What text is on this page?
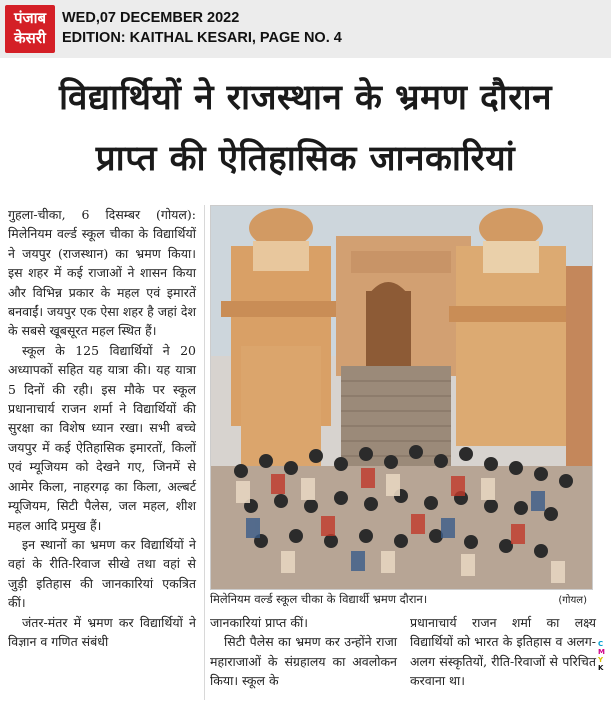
पंजाब
केसरी
WED,07 DECEMBER 2022
EDITION: KAITHAL KESARI, PAGE NO. 4
विद्यार्थियों ने राजस्थान के भ्रमण दौरान
प्राप्त की ऐतिहासिक जानकारियां

गुहला-चीका, 6 दिसम्बर (गोयल): मिलेनियम वर्ल्ड स्कूल चीका के विद्यार्थियों ने जयपुर (राजस्थान) का भ्रमण किया। इस शहर में कई राजाओं ने शासन किया और विभिन्न प्रकार के महल एवं इमारतें बनवाईं। जयपुर एक ऐसा शहर है जहां देश के सबसे खूबसूरत महल स्थित हैं।

स्कूल के 125 विद्यार्थियों ने 20 अध्यापकों सहित यह यात्रा की। यह यात्रा 5 दिनों की रही। इस मौके पर स्कूल प्रधानाचार्य राजन शर्मा ने विद्यार्थियों की सुरक्षा का विशेष ध्यान रखा। सभी बच्चे जयपुर में कई ऐतिहासिक इमारतों, किलों एवं म्यूजियम को देखने गए, जिनमें से आमेर किला, नाहरगढ़ का किला, अल्बर्ट म्यूजियम, सिटी पैलेस, जल महल, शीश महल आदि प्रमुख हैं।

इन स्थानों का भ्रमण कर विद्यार्थियों ने वहां के रीति-रिवाज सीखे तथा वहां से जुड़ी इतिहास की जानकारियां एकत्रित कीं।

जंतर-मंतर में भ्रमण कर विद्यार्थियों ने विज्ञान व गणित संबंधी

मिलेनियम वर्ल्ड स्कूल चीका के विद्यार्थी भ्रमण दौरान।	(गोयल)

जानकारियां प्राप्त कीं।

सिटी पैलेस का भ्रमण कर उन्होंने राजा महाराजाओं के संग्रहालय का अवलोकन किया। स्कूल के

प्रधानाचार्य राजन शर्मा का लक्ष्य विद्यार्थियों को भारत के इतिहास व अलग-अलग संस्कृतियों, रीति-रिवाजों से परिचित करवाना था।

C
M
Y
K
